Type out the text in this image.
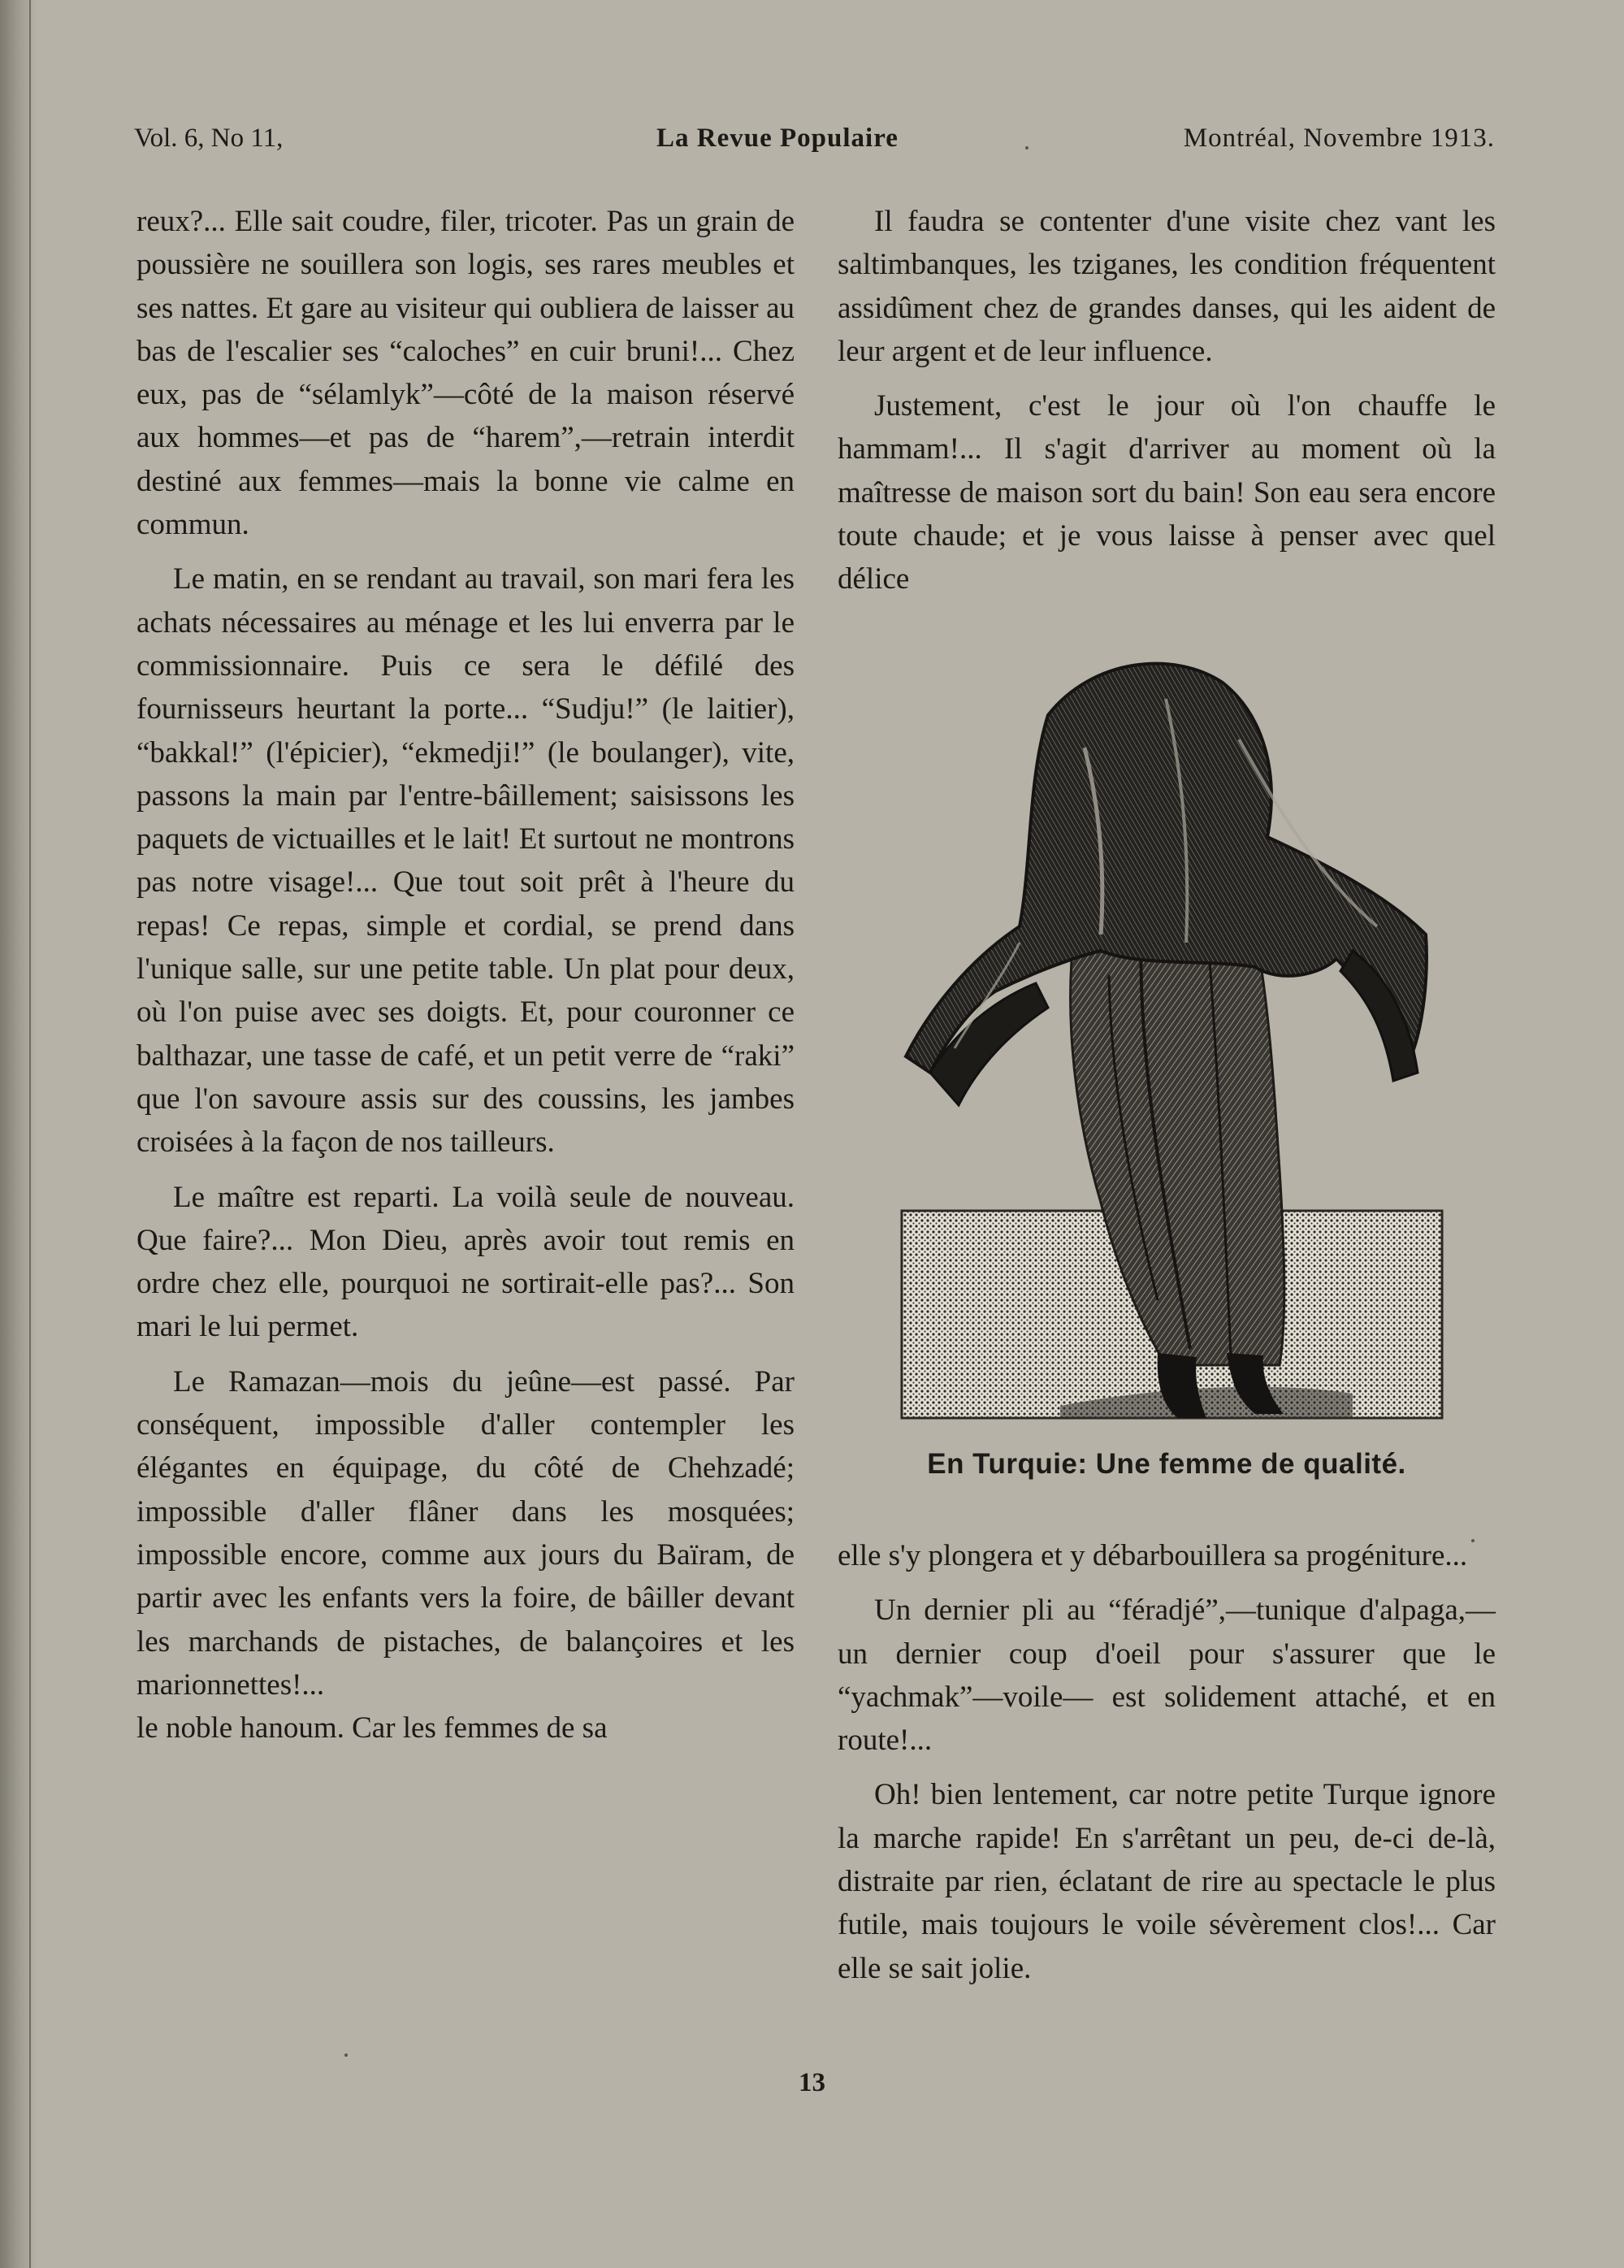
Vol. 6, No 11,	La Revue Populaire	Montréal, Novembre 1913.

reux?... Elle sait coudre, filer, tricoter. Pas un grain de poussière ne souillera son logis, ses rares meubles et ses nattes. Et gare au visiteur qui oubliera de laisser au bas de l'escalier ses “caloches” en cuir bruni!... Chez eux, pas de “sélamlyk”—côté de la maison réservé aux hommes—et pas de “harem”,—retrain interdit destiné aux femmes—mais la bonne vie calme en commun.

Le matin, en se rendant au travail, son mari fera les achats nécessaires au ménage et les lui enverra par le commissionnaire. Puis ce sera le défilé des fournisseurs heurtant la porte... “Sudju!” (le laitier), “bakkal!” (l'épicier), “ekmedji!” (le boulanger), vite, passons la main par l'entre-bâillement; saisissons les paquets de victuailles et le lait! Et surtout ne montrons pas notre visage!... Que tout soit prêt à l'heure du repas! Ce repas, simple et cordial, se prend dans l'unique salle, sur une petite table. Un plat pour deux, où l'on puise avec ses doigts. Et, pour couronner ce balthazar, une tasse de café, et un petit verre de “raki” que l'on savoure assis sur des coussins, les jambes croisées à la façon de nos tailleurs.

Le maître est reparti. La voilà seule de nouveau. Que faire?... Mon Dieu, après avoir tout remis en ordre chez elle, pourquoi ne sortirait-elle pas?... Son mari le lui permet.

Le Ramazan—mois du jeûne—est passé. Par conséquent, impossible d'aller contempler les élégantes en équipage, du côté de Chehzadé; impossible d'aller flâner dans les mosquées; impossible encore, comme aux jours du Baïram, de partir avec les enfants vers la foire, de bâiller devant les marchands de pistaches, de balançoires et les marionnettes!...

le noble hanoum. Car les femmes de sa

Il faudra se contenter d'une visite chez vant les saltimbanques, les tziganes, les condition fréquentent assidûment chez de grandes danses, qui les aident de leur argent et de leur influence.

Justement, c'est le jour où l'on chauffe le hammam!... Il s'agit d'arriver au moment où la maîtresse de maison sort du bain! Son eau sera encore toute chaude; et je vous laisse à penser avec quel délice

En Turquie: Une femme de qualité.

elle s'y plongera et y débarbouillera sa progéniture...

Un dernier pli au “féradjé”,—tunique d'alpaga,— un dernier coup d'oeil pour s'assurer que le “yachmak”—voile— est solidement attaché, et en route!...

Oh! bien lentement, car notre petite Turque ignore la marche rapide! En s'arrêtant un peu, de-ci de-là, distraite par rien, éclatant de rire au spectacle le plus futile, mais toujours le voile sévèrement clos!... Car elle se sait jolie.

13
